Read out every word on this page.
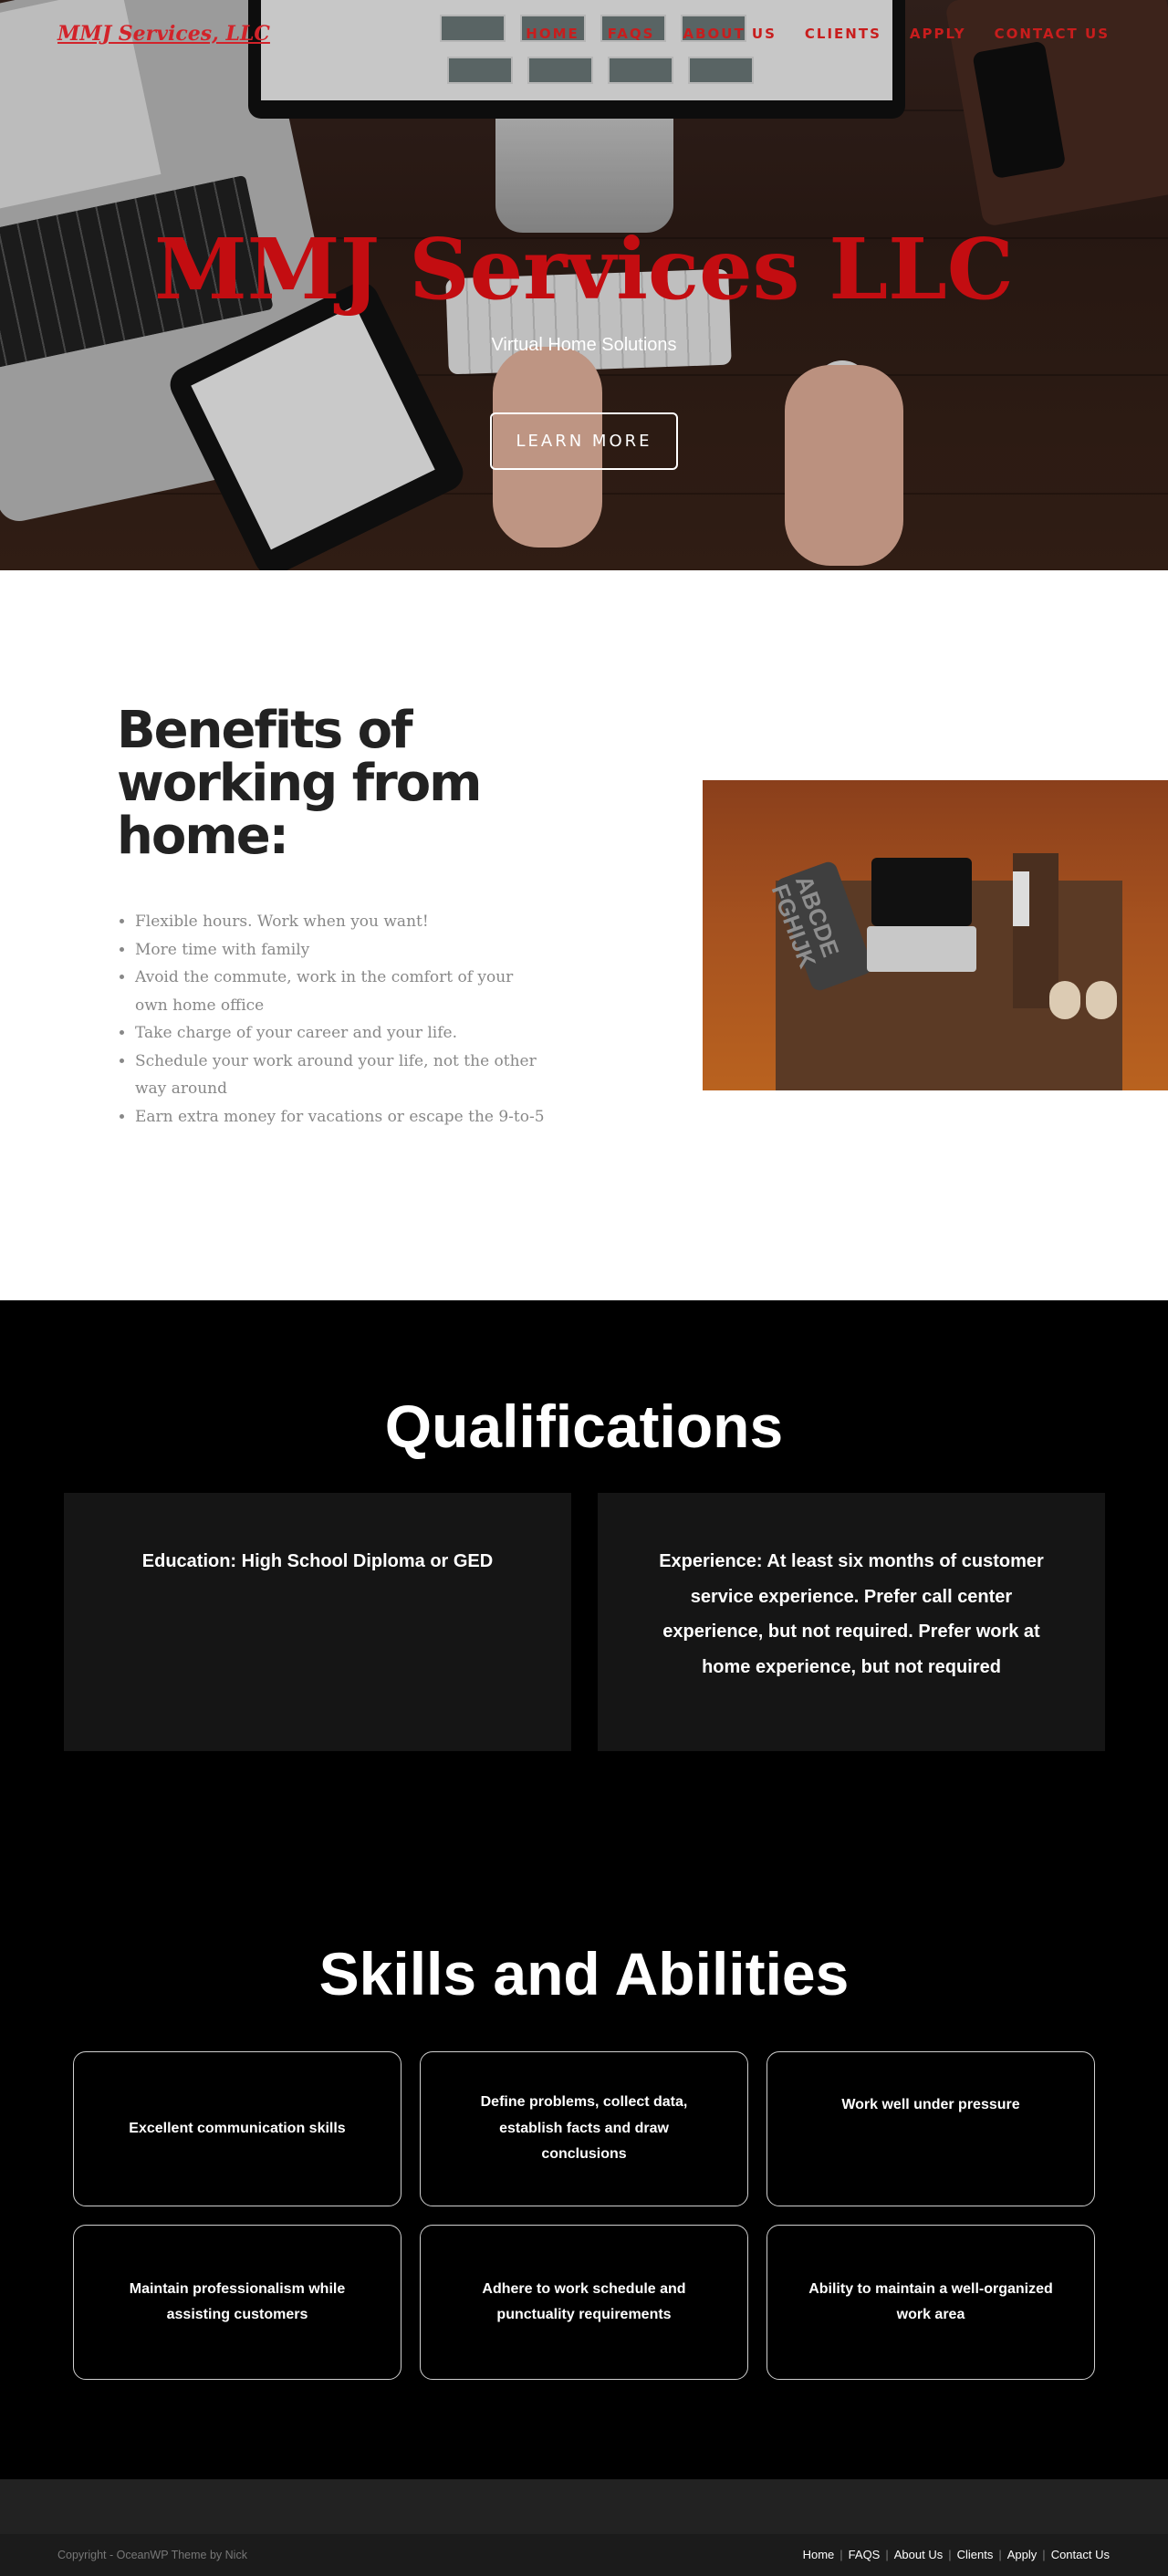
MMJ Services, LLC	HOME FAQS ABOUT US CLIENTS APPLY CONTACT US
MMJ Services LLC
Virtual Home Solutions
LEARN MORE
Benefits of working from home:
• Flexible hours. Work when you want!
• More time with family
• Avoid the commute, work in the comfort of your own home office
• Take charge of your career and your life.
• Schedule your work around your life, not the other way around
• Earn extra money for vacations or escape the 9-to-5
ABCDE FGHIJK
Qualifications

Education: High School Diploma or GED	Experience: At least six months of customer service experience. Prefer call center experience, but not required. Prefer work at home experience, but not required

Skills and Abilities

Excellent communication skills

Define problems, collect data, establish facts and draw conclusions

Work well under pressure

Maintain professionalism while assisting customers

Adhere to work schedule and punctuality requirements

Ability to maintain a well-organized work area

Copyright - OceanWP Theme by Nick	Home | FAQS | About Us | Clients | Apply | Contact Us
